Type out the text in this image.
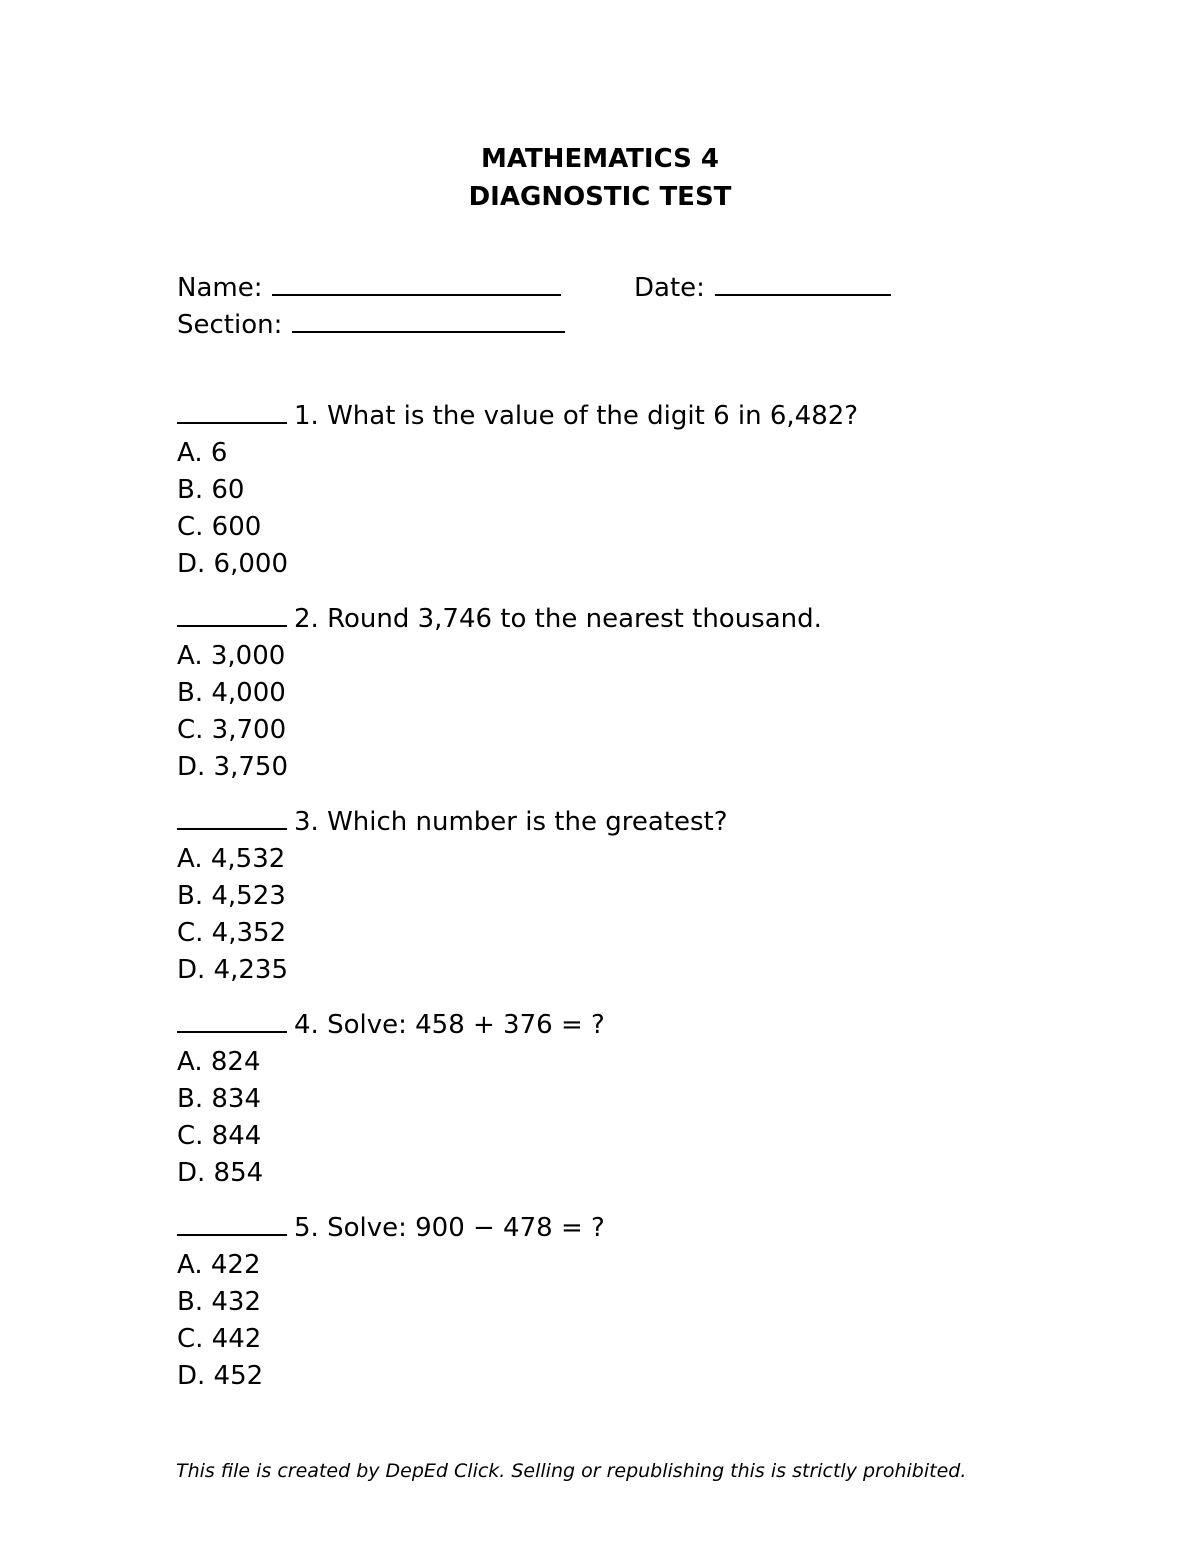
MATHEMATICS 4
DIAGNOSTIC TEST
Name:	Date:
Section:
1. What is the value of the digit 6 in 6,482?
A. 6
B. 60
C. 600
D. 6,000
2. Round 3,746 to the nearest thousand.
A. 3,000
B. 4,000
C. 3,700
D. 3,750
3. Which number is the greatest?
A. 4,532
B. 4,523
C. 4,352
D. 4,235
4. Solve: 458 + 376 = ?
A. 824
B. 834
C. 844
D. 854
5. Solve: 900 − 478 = ?
A. 422
B. 432
C. 442
D. 452
This file is created by DepEd Click. Selling or republishing this is strictly prohibited.
